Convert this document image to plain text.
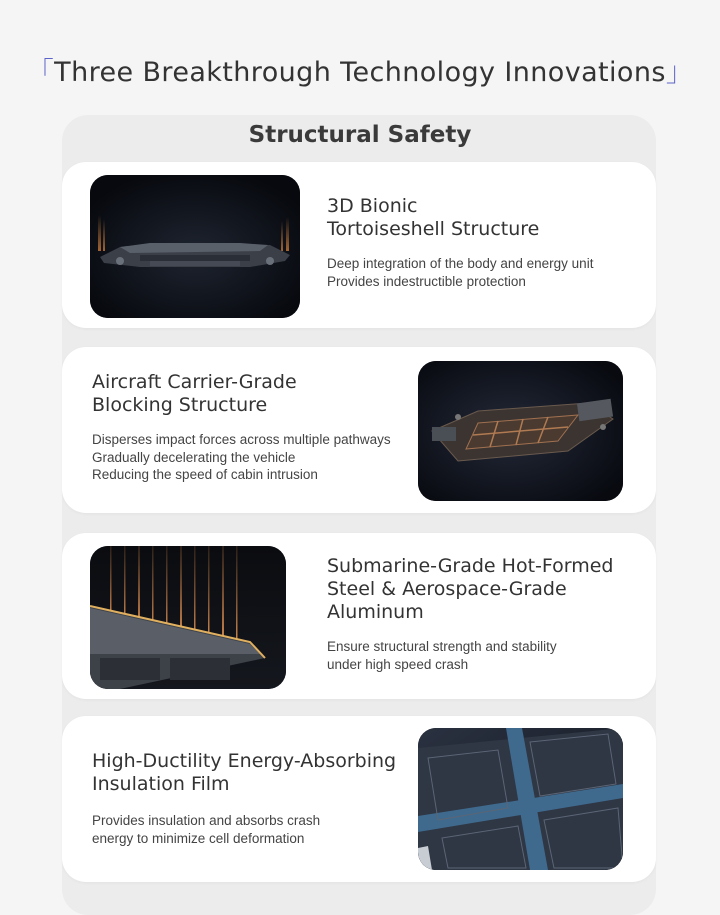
「Three Breakthrough Technology Innovations」
Structural Safety
3D Bionic
Tortoiseshell Structure
Deep integration of the body and energy unit
Provides indestructible protection
Aircraft Carrier-Grade
Blocking Structure
Disperses impact forces across multiple pathways
Gradually decelerating the vehicle
Reducing the speed of cabin intrusion
Submarine-Grade Hot-Formed
Steel & Aerospace-Grade
Aluminum
Ensure structural strength and stability
under high speed crash
High-Ductility Energy-Absorbing
Insulation Film
Provides insulation and absorbs crash
energy to minimize cell deformation
